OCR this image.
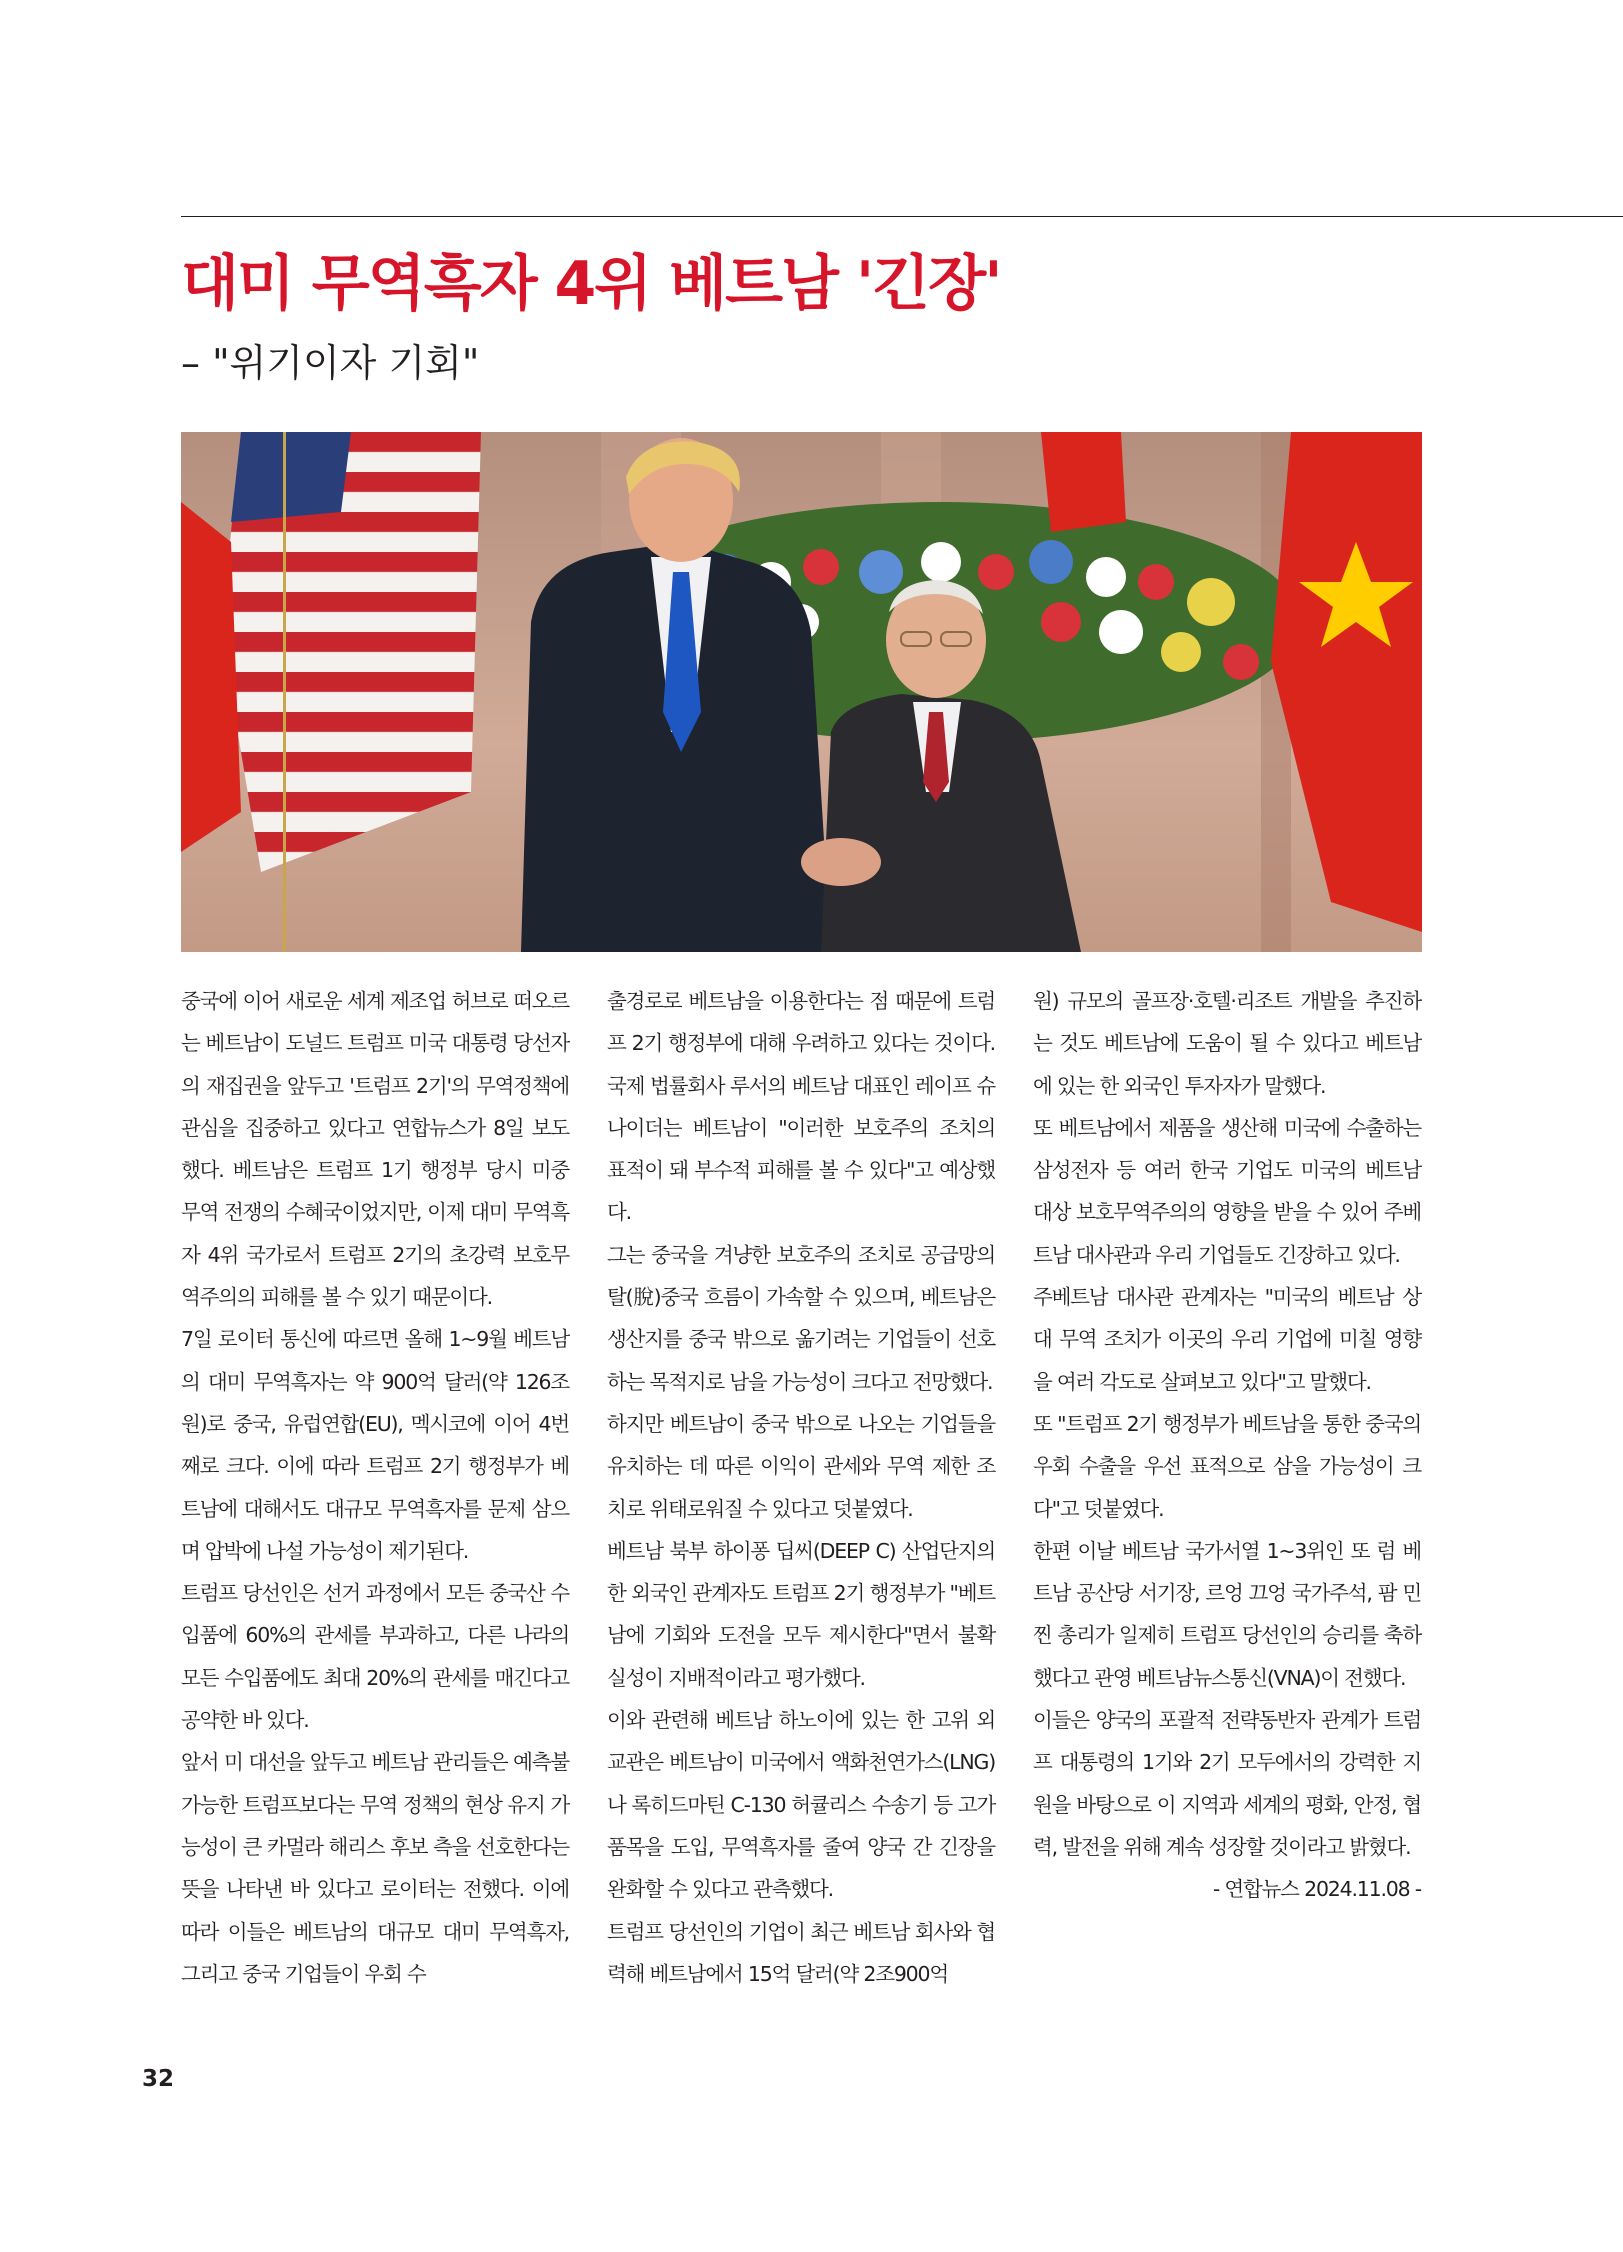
대미 무역흑자 4위 베트남 '긴장'
– "위기이자 기회"

중국에 이어 새로운 세계 제조업 허브로 떠오르는 베트남이 도널드 트럼프 미국 대통령 당선자의 재집권을 앞두고 '트럼프 2기'의 무역정책에 관심을 집중하고 있다고 연합뉴스가 8일 보도했다. 베트남은 트럼프 1기 행정부 당시 미중 무역 전쟁의 수혜국이었지만, 이제 대미 무역흑자 4위 국가로서 트럼프 2기의 초강력 보호무역주의의 피해를 볼 수 있기 때문이다.

7일 로이터 통신에 따르면 올해 1~9월 베트남의 대미 무역흑자는 약 900억 달러(약 126조원)로 중국, 유럽연합(EU), 멕시코에 이어 4번째로 크다. 이에 따라 트럼프 2기 행정부가 베트남에 대해서도 대규모 무역흑자를 문제 삼으며 압박에 나설 가능성이 제기된다.

트럼프 당선인은 선거 과정에서 모든 중국산 수입품에 60%의 관세를 부과하고, 다른 나라의 모든 수입품에도 최대 20%의 관세를 매긴다고 공약한 바 있다.

앞서 미 대선을 앞두고 베트남 관리들은 예측불가능한 트럼프보다는 무역 정책의 현상 유지 가능성이 큰 카멀라 해리스 후보 측을 선호한다는 뜻을 나타낸 바 있다고 로이터는 전했다. 이에 따라 이들은 베트남의 대규모 대미 무역흑자, 그리고 중국 기업들이 우회 수

출경로로 베트남을 이용한다는 점 때문에 트럼프 2기 행정부에 대해 우려하고 있다는 것이다. 국제 법률회사 루서의 베트남 대표인 레이프 슈나이더는 베트남이 "이러한 보호주의 조치의 표적이 돼 부수적 피해를 볼 수 있다"고 예상했다.

그는 중국을 겨냥한 보호주의 조치로 공급망의 탈(脫)중국 흐름이 가속할 수 있으며, 베트남은 생산지를 중국 밖으로 옮기려는 기업들이 선호하는 목적지로 남을 가능성이 크다고 전망했다.

하지만 베트남이 중국 밖으로 나오는 기업들을 유치하는 데 따른 이익이 관세와 무역 제한 조치로 위태로워질 수 있다고 덧붙였다.

베트남 북부 하이퐁 딥씨(DEEP C) 산업단지의 한 외국인 관계자도 트럼프 2기 행정부가 "베트남에 기회와 도전을 모두 제시한다"면서 불확실성이 지배적이라고 평가했다.

이와 관련해 베트남 하노이에 있는 한 고위 외교관은 베트남이 미국에서 액화천연가스(LNG)나 록히드마틴 C-130 허큘리스 수송기 등 고가 품목을 도입, 무역흑자를 줄여 양국 간 긴장을 완화할 수 있다고 관측했다.

트럼프 당선인의 기업이 최근 베트남 회사와 협력해 베트남에서 15억 달러(약 2조900억

원) 규모의 골프장·호텔·리조트 개발을 추진하는 것도 베트남에 도움이 될 수 있다고 베트남에 있는 한 외국인 투자자가 말했다.

또 베트남에서 제품을 생산해 미국에 수출하는 삼성전자 등 여러 한국 기업도 미국의 베트남 대상 보호무역주의의 영향을 받을 수 있어 주베트남 대사관과 우리 기업들도 긴장하고 있다.

주베트남 대사관 관계자는 "미국의 베트남 상대 무역 조치가 이곳의 우리 기업에 미칠 영향을 여러 각도로 살펴보고 있다"고 말했다.

또 "트럼프 2기 행정부가 베트남을 통한 중국의 우회 수출을 우선 표적으로 삼을 가능성이 크다"고 덧붙였다.

한편 이날 베트남 국가서열 1~3위인 또 럼 베트남 공산당 서기장, 르엉 끄엉 국가주석, 팜 민 찐 총리가 일제히 트럼프 당선인의 승리를 축하했다고 관영 베트남뉴스통신(VNA)이 전했다.

이들은 양국의 포괄적 전략동반자 관계가 트럼프 대통령의 1기와 2기 모두에서의 강력한 지원을 바탕으로 이 지역과 세계의 평화, 안정, 협력, 발전을 위해 계속 성장할 것이라고 밝혔다.

- 연합뉴스 2024.11.08 -

32
